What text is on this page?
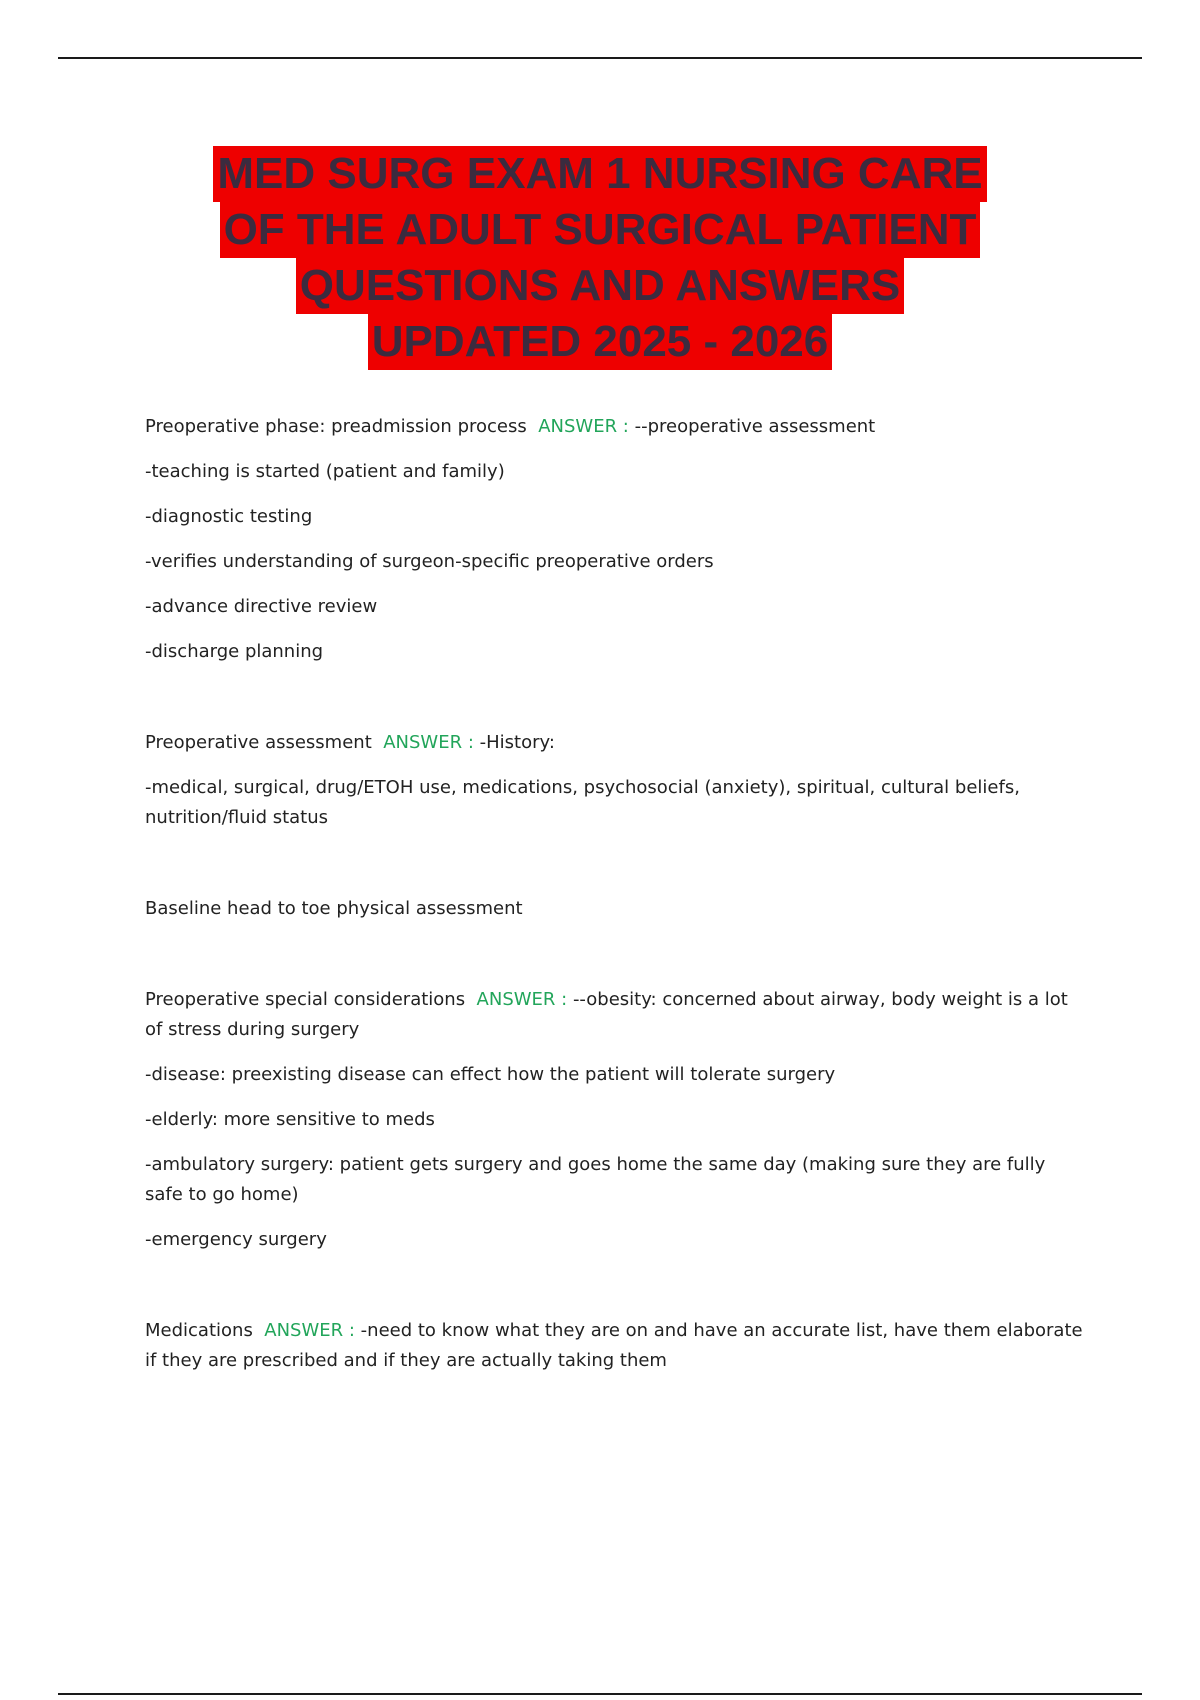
MED SURG EXAM 1 NURSING CARE
OF THE ADULT SURGICAL PATIENT
QUESTIONS AND ANSWERS
UPDATED 2025 - 2026

Preoperative phase: preadmission process ANSWER : --preoperative assessment

-teaching is started (patient and family)

-diagnostic testing

-verifies understanding of surgeon-specific preoperative orders

-advance directive review

-discharge planning

Preoperative assessment ANSWER : -History:

-medical, surgical, drug/ETOH use, medications, psychosocial (anxiety), spiritual, cultural beliefs, nutrition/fluid status

Baseline head to toe physical assessment

Preoperative special considerations ANSWER : --obesity: concerned about airway, body weight is a lot of stress during surgery

-disease: preexisting disease can effect how the patient will tolerate surgery

-elderly: more sensitive to meds

-ambulatory surgery: patient gets surgery and goes home the same day (making sure they are fully safe to go home)

-emergency surgery

Medications ANSWER : -need to know what they are on and have an accurate list, have them elaborate if they are prescribed and if they are actually taking them
